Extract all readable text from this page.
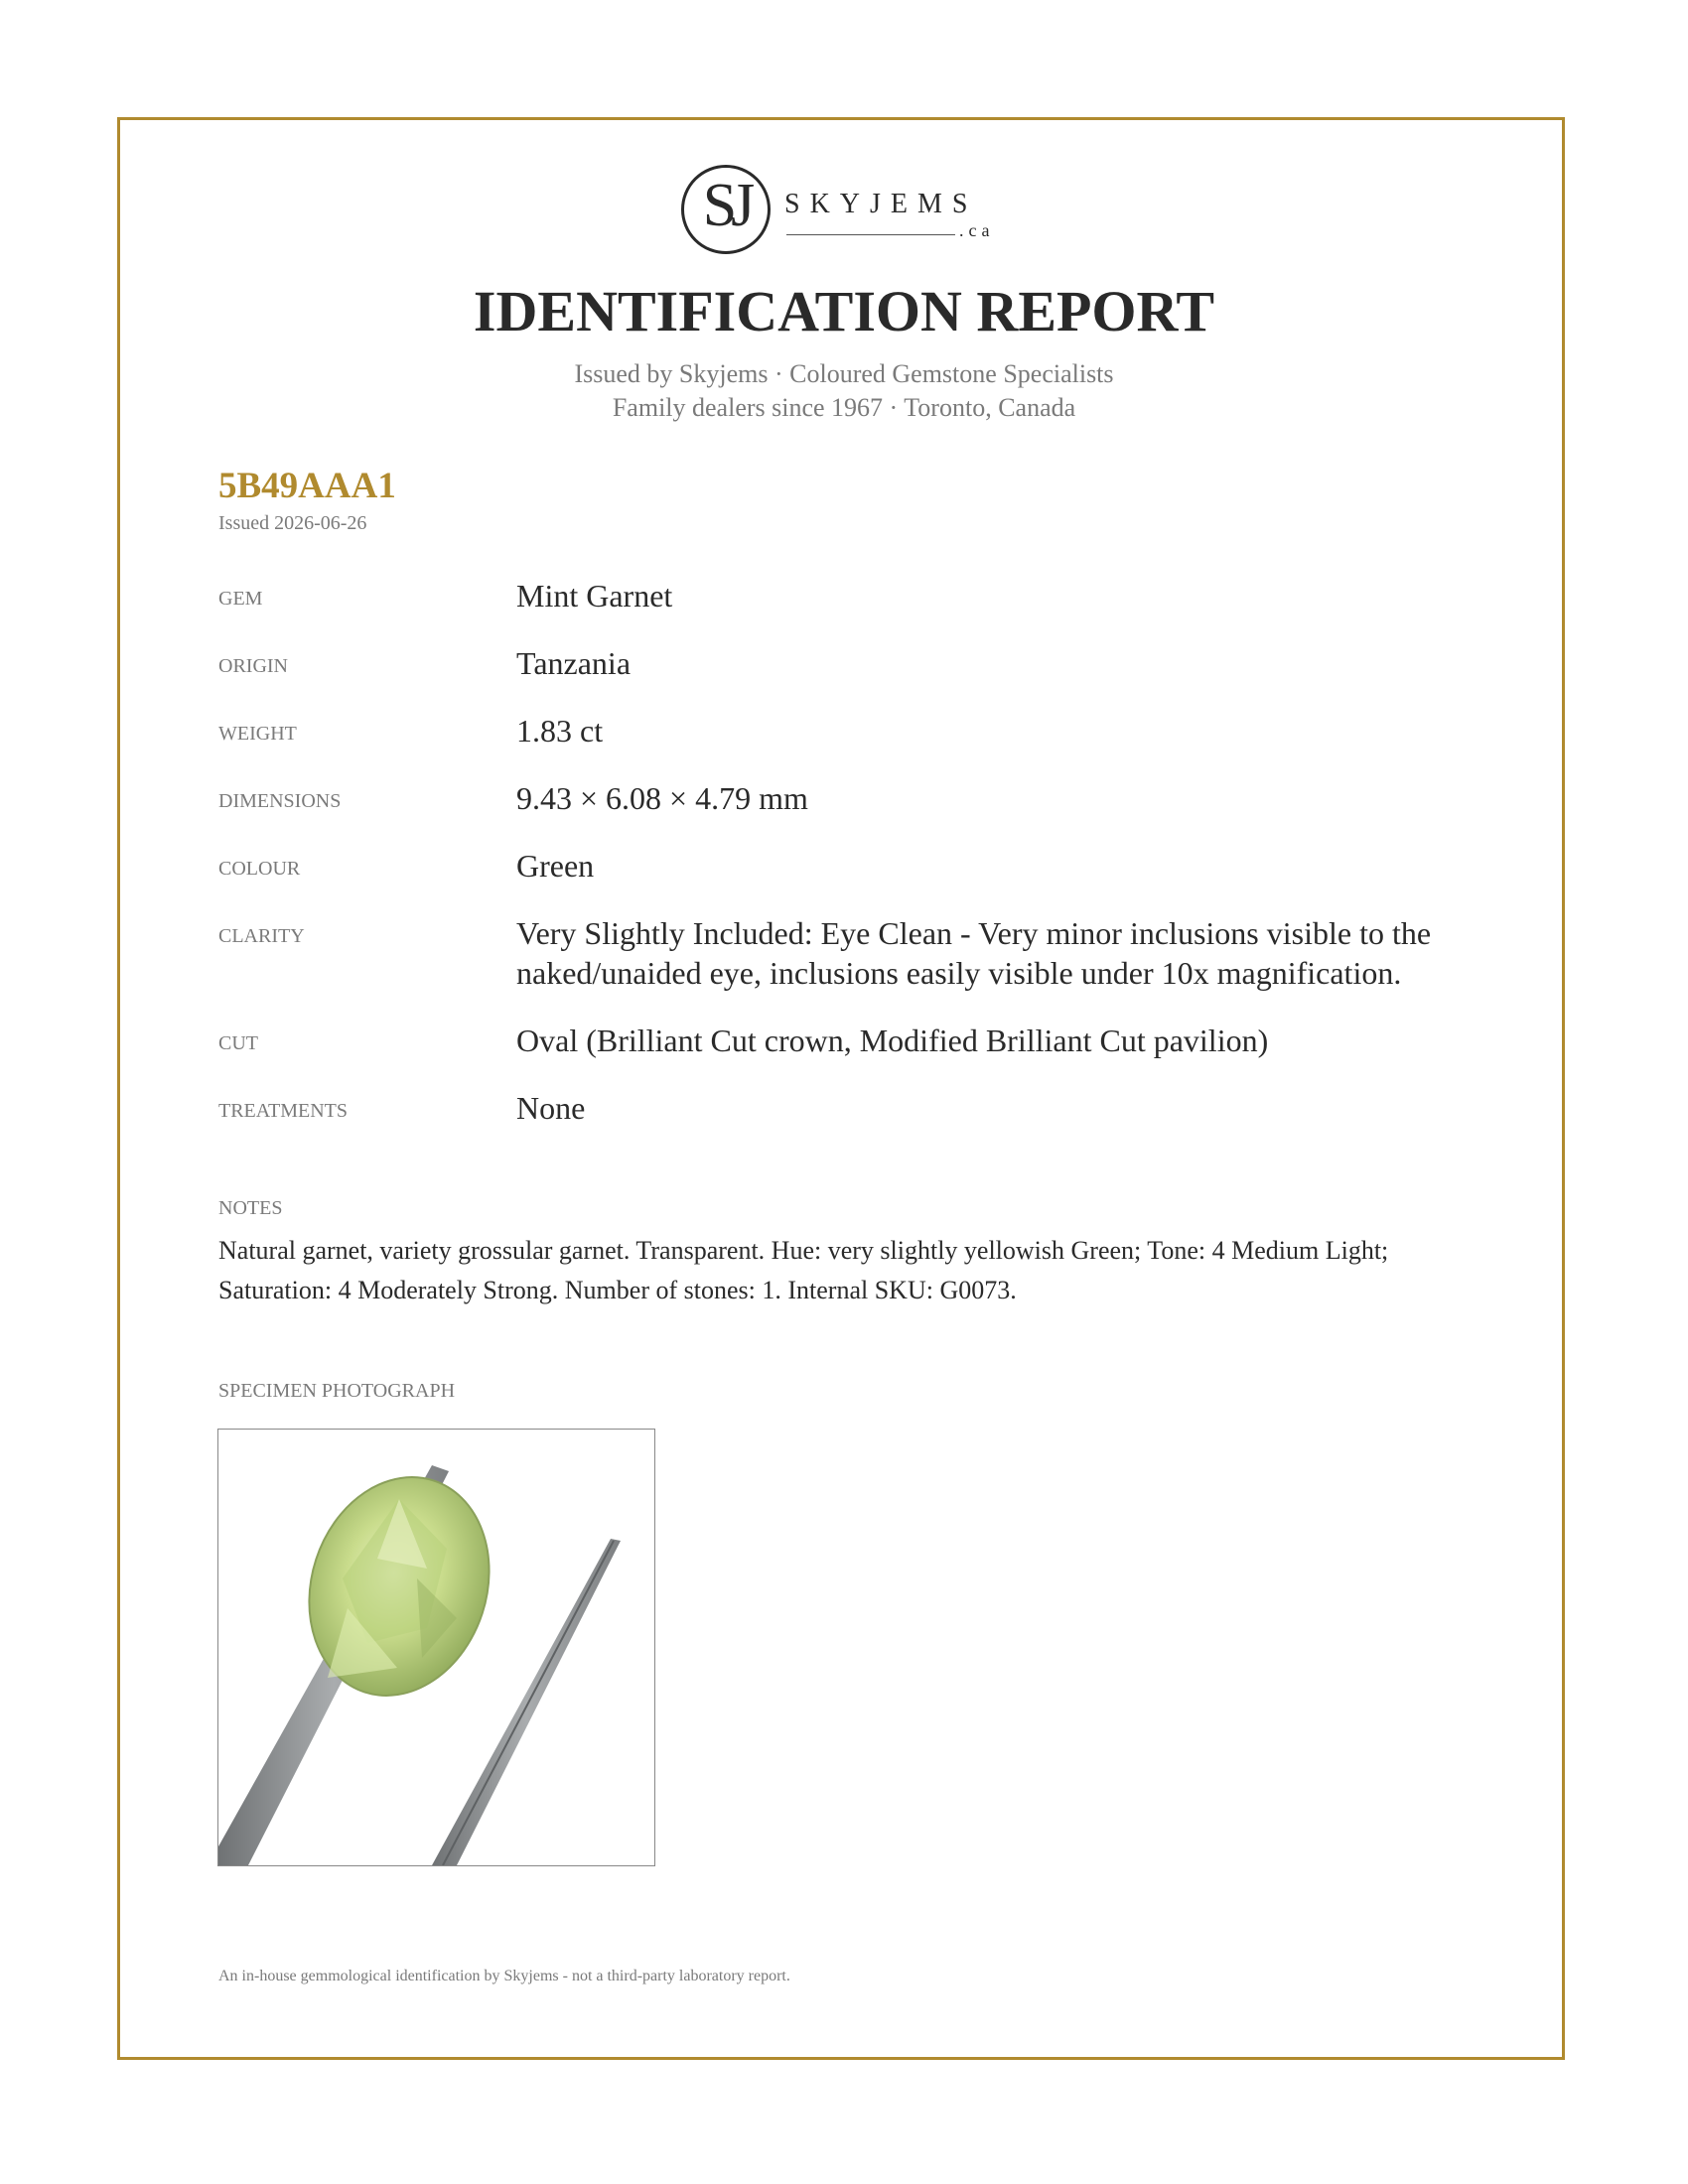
SJ	SKYJEMS
.ca
IDENTIFICATION REPORT
Issued by Skyjems · Coloured Gemstone Specialists
Family dealers since 1967 · Toronto, Canada
5B49AAA1
Issued 2026-06-26
GEM	Mint Garnet
ORIGIN	Tanzania
WEIGHT	1.83 ct
DIMENSIONS	9.43 × 6.08 × 4.79 mm
COLOUR	Green
CLARITY	Very Slightly Included: Eye Clean - Very minor inclusions visible to the naked/unaided eye, inclusions easily visible under 10x magnification.
CUT	Oval (Brilliant Cut crown, Modified Brilliant Cut pavilion)
TREATMENTS	None
NOTES
Natural garnet, variety grossular garnet. Transparent. Hue: very slightly yellowish Green; Tone: 4 Medium Light; Saturation: 4 Moderately Strong. Number of stones: 1. Internal SKU: G0073.
SPECIMEN PHOTOGRAPH
An in-house gemmological identification by Skyjems - not a third-party laboratory report.
